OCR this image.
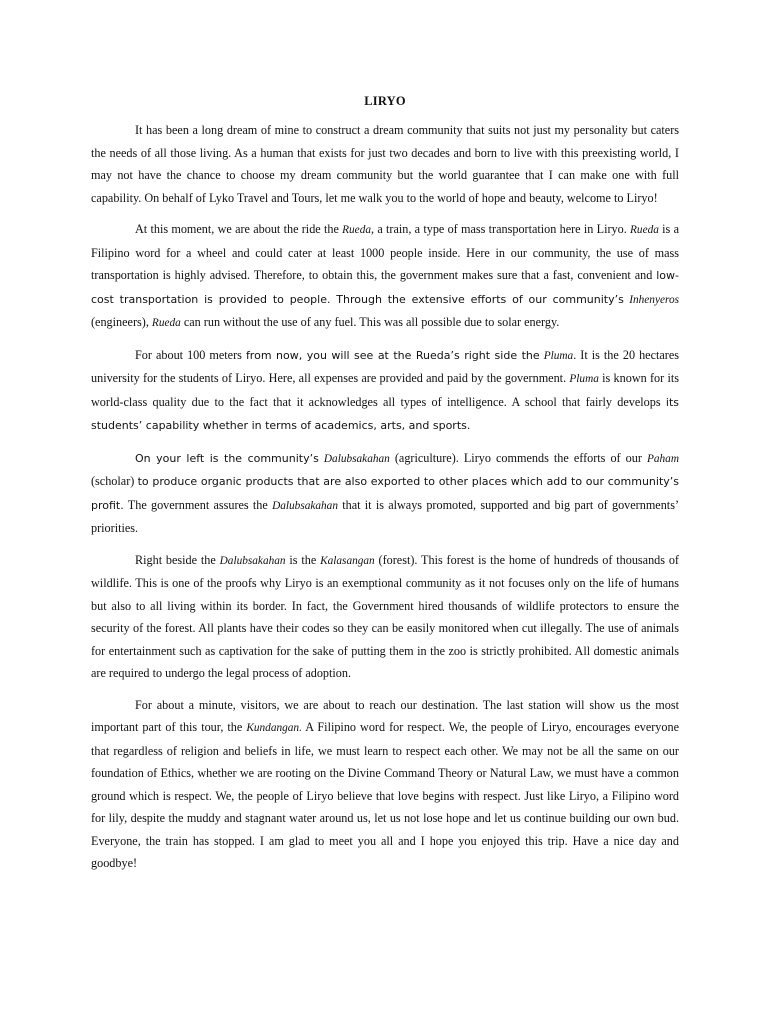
LIRYO

It has been a long dream of mine to construct a dream community that suits not just my personality but caters the needs of all those living. As a human that exists for just two decades and born to live with this preexisting world, I may not have the chance to choose my dream community but the world guarantee that I can make one with full capability. On behalf of Lyko Travel and Tours, let me walk you to the world of hope and beauty, welcome to Liryo!

At this moment, we are about the ride the Rueda, a train, a type of mass transportation here in Liryo. Rueda is a Filipino word for a wheel and could cater at least 1000 people inside. Here in our community, the use of mass transportation is highly advised. Therefore, to obtain this, the government makes sure that a fast, convenient and low-cost transportation is provided to people. Through the extensive efforts of our community’s Inhenyeros (engineers), Rueda can run without the use of any fuel. This was all possible due to solar energy.

For about 100 meters from now, you will see at the Rueda’s right side the Pluma. It is the 20 hectares university for the students of Liryo. Here, all expenses are provided and paid by the government. Pluma is known for its world-class quality due to the fact that it acknowledges all types of intelligence. A school that fairly develops its students’ capability whether in terms of academics, arts, and sports.

On your left is the community’s Dalubsakahan (agriculture). Liryo commends the efforts of our Paham (scholar) to produce organic products that are also exported to other places which add to our community’s profit. The government assures the Dalubsakahan that it is always promoted, supported and big part of governments’ priorities.

Right beside the Dalubsakahan is the Kalasangan (forest). This forest is the home of hundreds of thousands of wildlife. This is one of the proofs why Liryo is an exemptional community as it not focuses only on the life of humans but also to all living within its border. In fact, the Government hired thousands of wildlife protectors to ensure the security of the forest. All plants have their codes so they can be easily monitored when cut illegally. The use of animals for entertainment such as captivation for the sake of putting them in the zoo is strictly prohibited. All domestic animals are required to undergo the legal process of adoption.

For about a minute, visitors, we are about to reach our destination. The last station will show us the most important part of this tour, the Kundangan. A Filipino word for respect. We, the people of Liryo, encourages everyone that regardless of religion and beliefs in life, we must learn to respect each other. We may not be all the same on our foundation of Ethics, whether we are rooting on the Divine Command Theory or Natural Law, we must have a common ground which is respect. We, the people of Liryo believe that love begins with respect. Just like Liryo, a Filipino word for lily, despite the muddy and stagnant water around us, let us not lose hope and let us continue building our own bud. Everyone, the train has stopped. I am glad to meet you all and I hope you enjoyed this trip. Have a nice day and goodbye!
